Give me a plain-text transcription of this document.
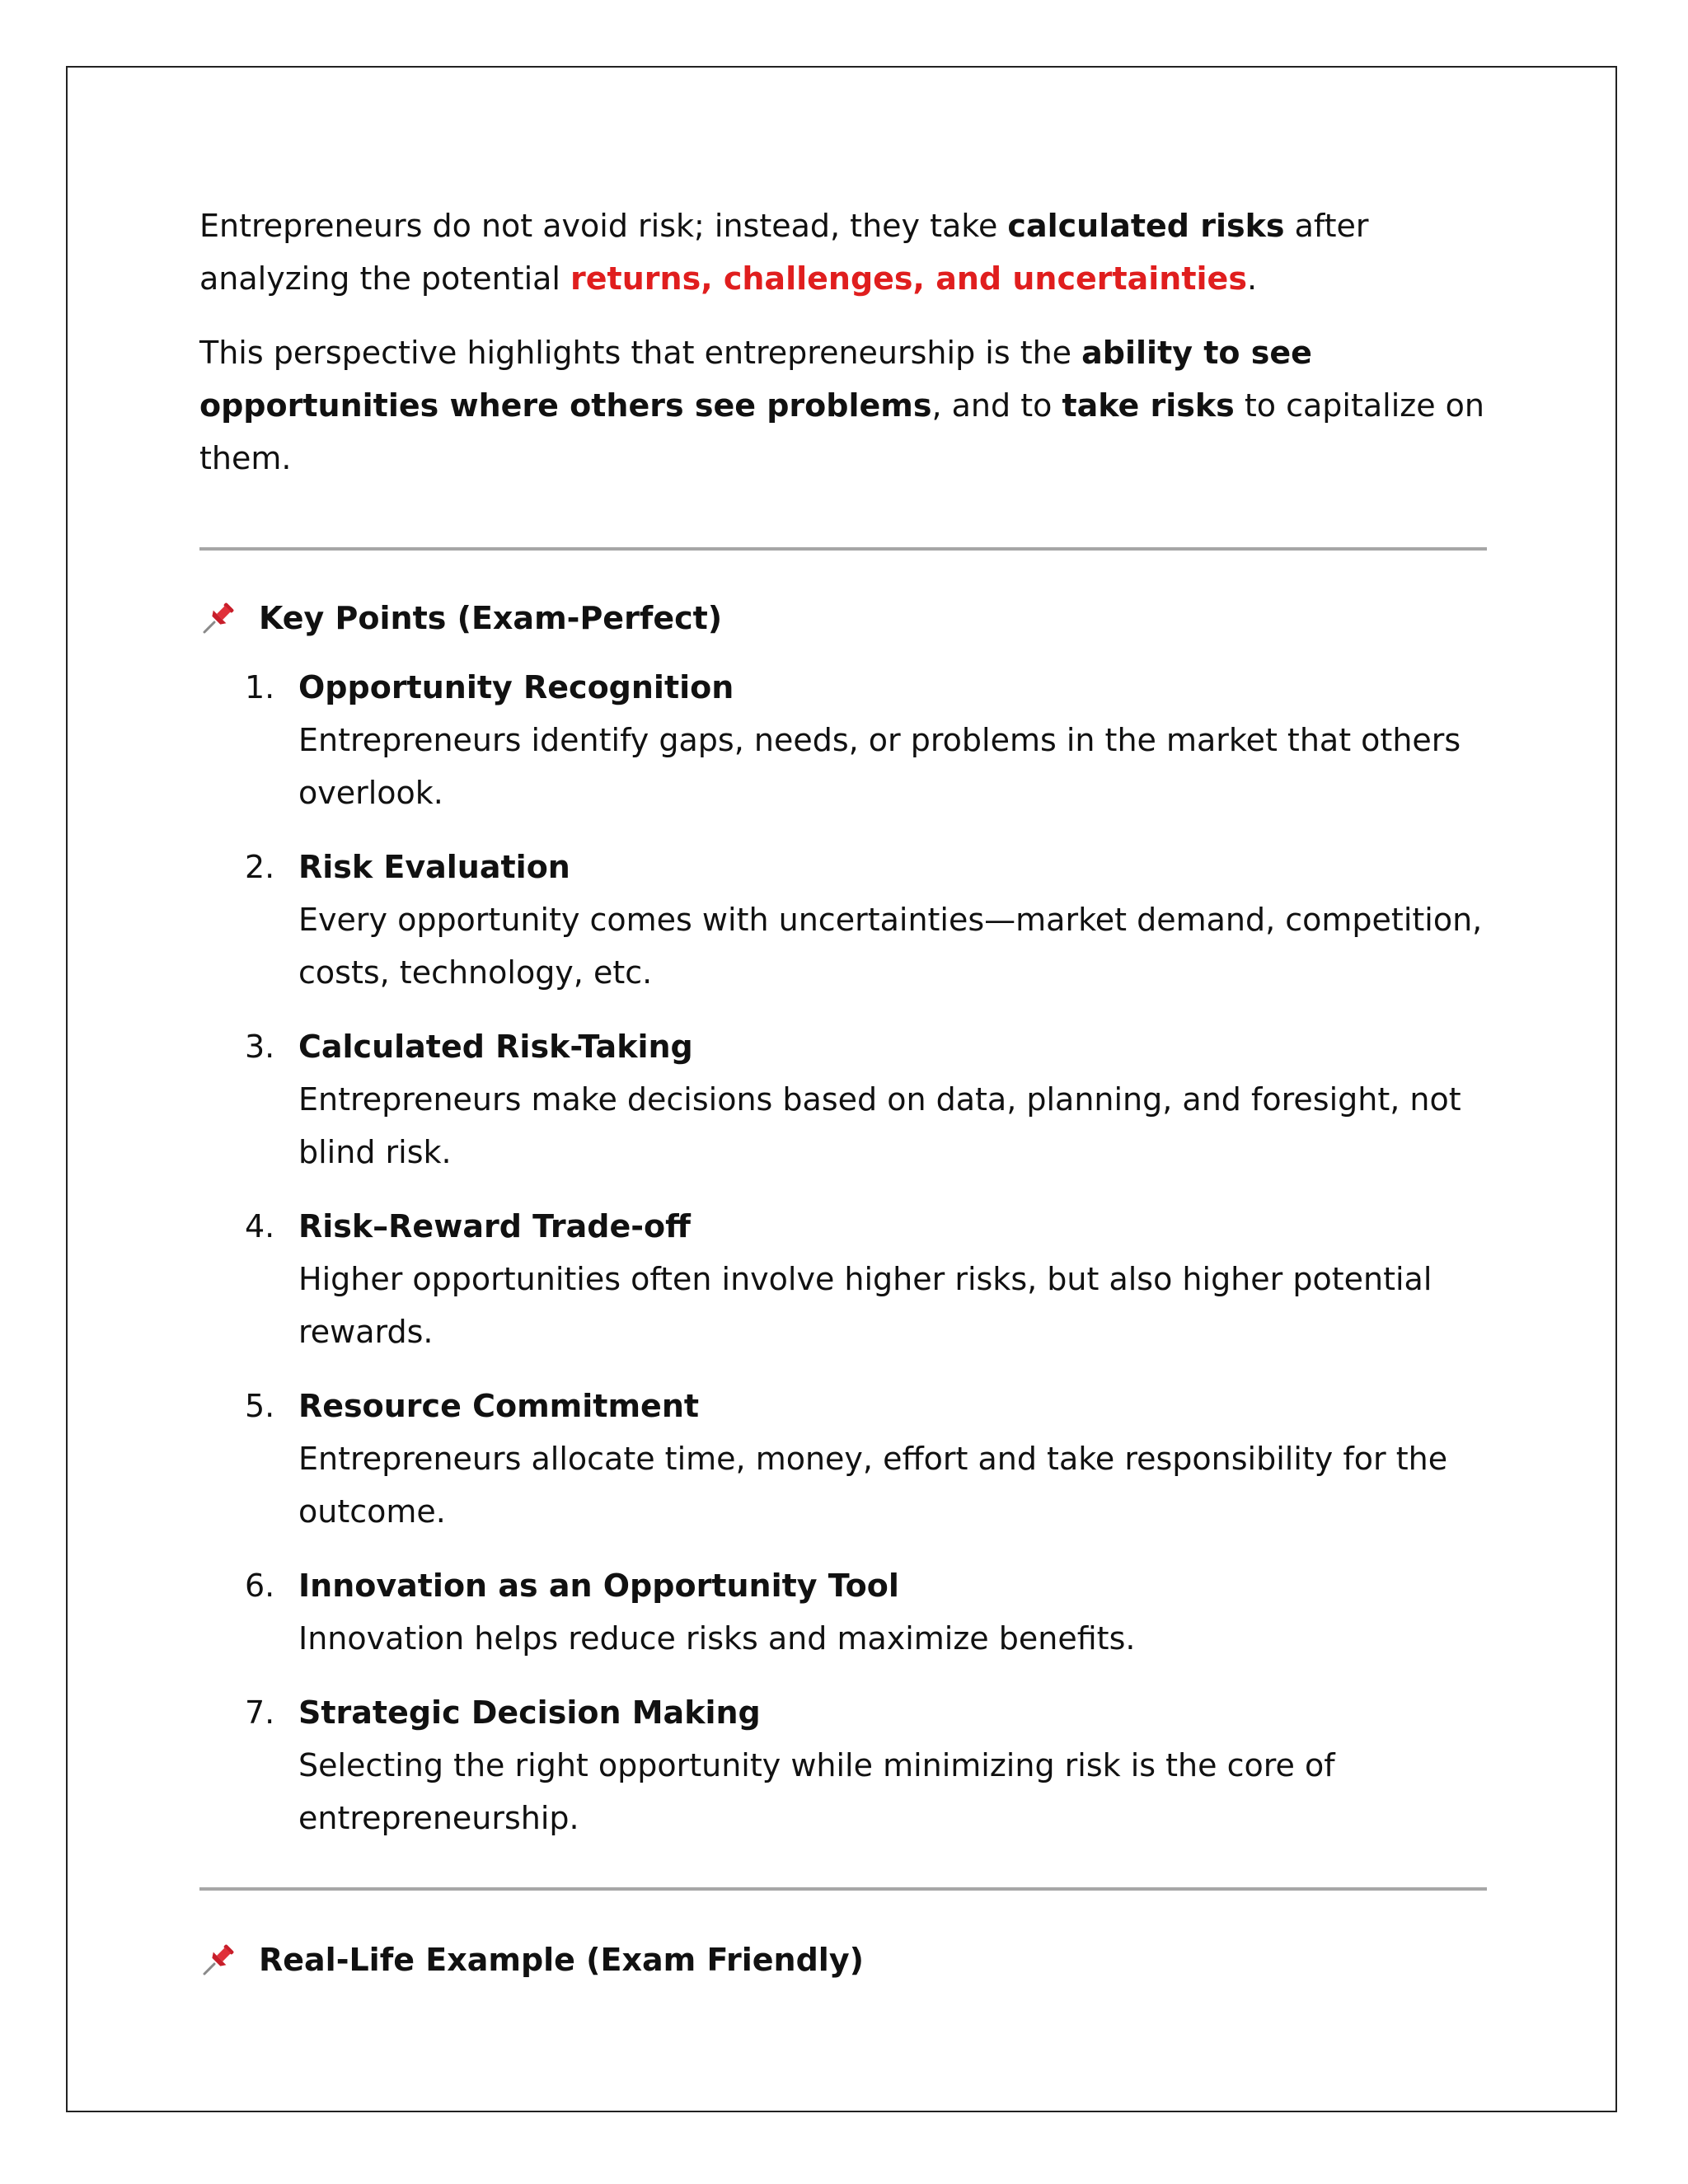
Entrepreneurs do not avoid risk; instead, they take calculated risks after analyzing the potential returns, challenges, and uncertainties.

This perspective highlights that entrepreneurship is the ability to see opportunities where others see problems, and to take risks to capitalize on them.

Key Points (Exam-Perfect)
1. Opportunity Recognition
Entrepreneurs identify gaps, needs, or problems in the market that others overlook.
2. Risk Evaluation
Every opportunity comes with uncertainties—market demand, competition, costs, technology, etc.
3. Calculated Risk-Taking
Entrepreneurs make decisions based on data, planning, and foresight, not blind risk.
4. Risk–Reward Trade-off
Higher opportunities often involve higher risks, but also higher potential rewards.
5. Resource Commitment
Entrepreneurs allocate time, money, effort and take responsibility for the outcome.
6. Innovation as an Opportunity Tool
Innovation helps reduce risks and maximize benefits.
7. Strategic Decision Making
Selecting the right opportunity while minimizing risk is the core of entrepreneurship.
Real-Life Example (Exam Friendly)
